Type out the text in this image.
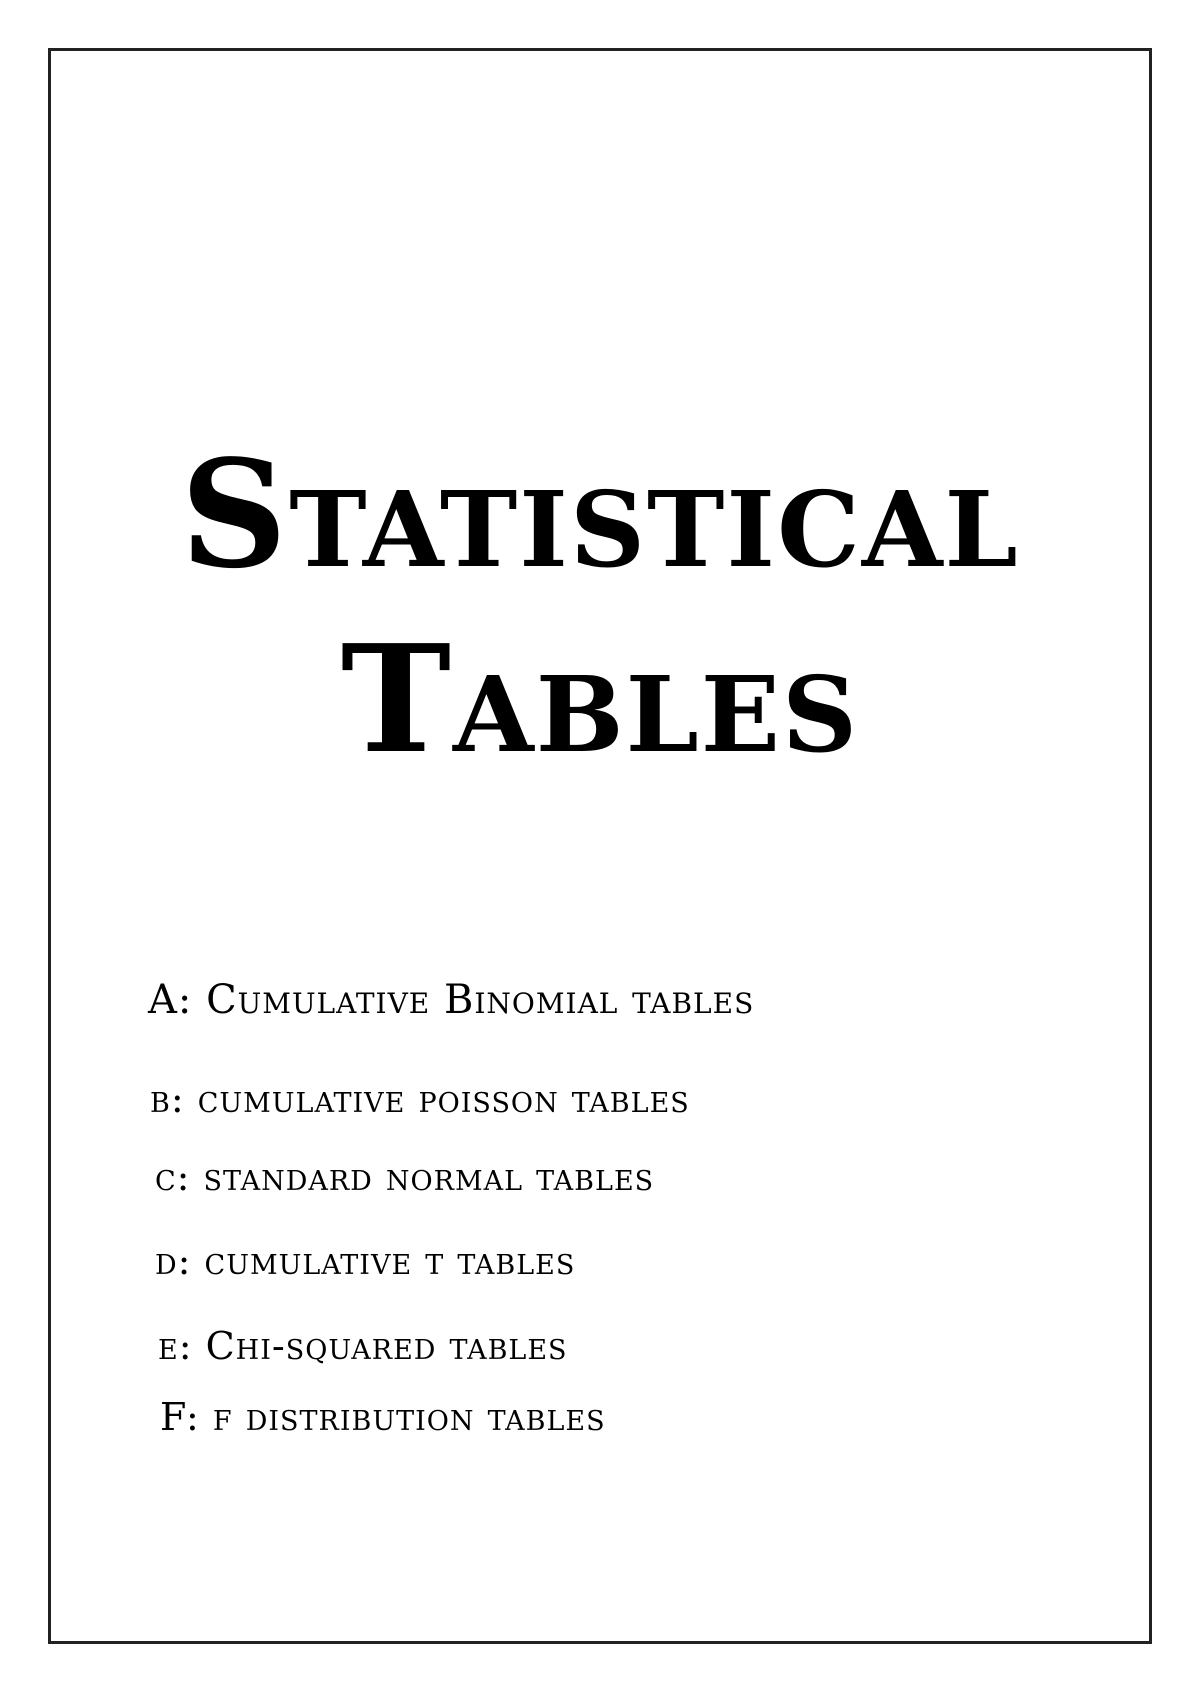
Statistical
Tables
A: Cumulative Binomial tables
b: cumulative poisson tables
c: standard normal tables
d: cumulative t tables
e: Chi-squared tables
F: f distribution tables
